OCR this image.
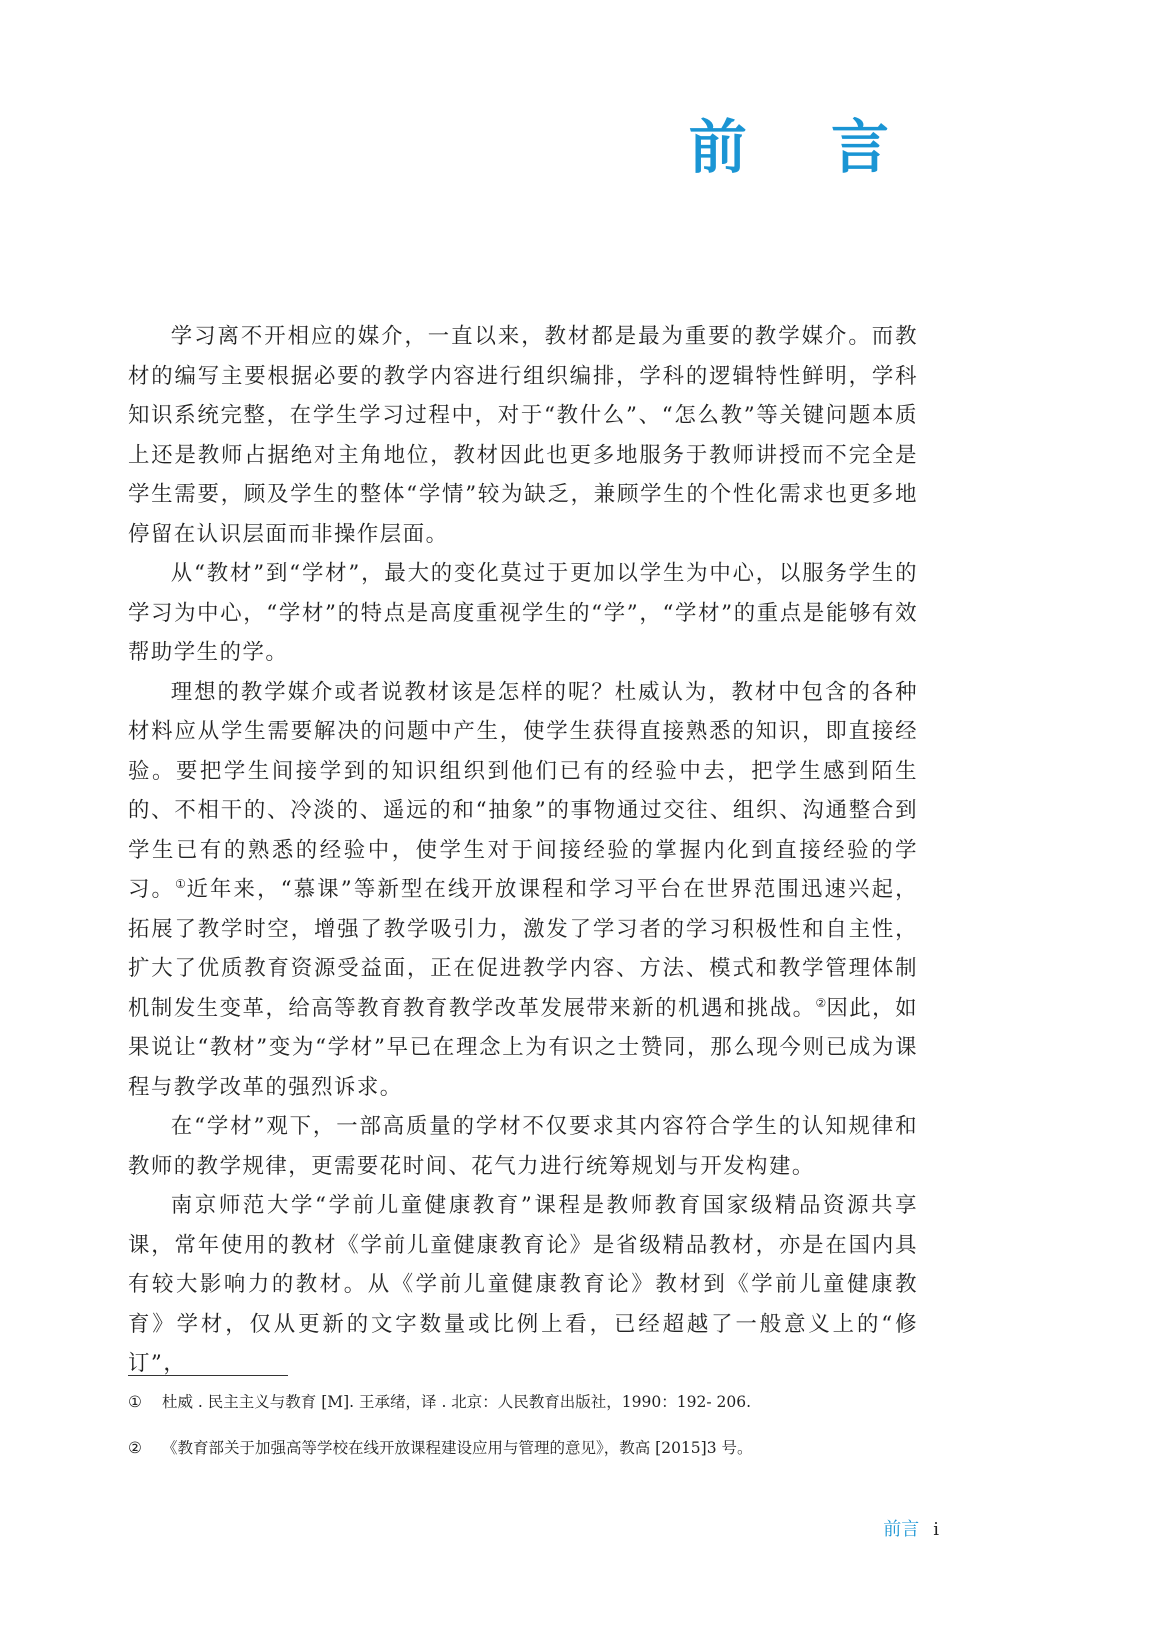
前 言

学习离不开相应的媒介，一直以来，教材都是最为重要的教学媒介。而教材的编写主要根据必要的教学内容进行组织编排，学科的逻辑特性鲜明，学科知识系统完整，在学生学习过程中，对于“教什么”、“怎么教”等关键问题本质上还是教师占据绝对主角地位，教材因此也更多地服务于教师讲授而不完全是学生需要，顾及学生的整体“学情”较为缺乏，兼顾学生的个性化需求也更多地停留在认识层面而非操作层面。

从“教材”到“学材”，最大的变化莫过于更加以学生为中心，以服务学生的学习为中心，“学材”的特点是高度重视学生的“学”，“学材”的重点是能够有效帮助学生的学。

理想的教学媒介或者说教材该是怎样的呢？杜威认为，教材中包含的各种材料应从学生需要解决的问题中产生，使学生获得直接熟悉的知识，即直接经验。要把学生间接学到的知识组织到他们已有的经验中去，把学生感到陌生的、不相干的、冷淡的、遥远的和“抽象”的事物通过交往、组织、沟通整合到学生已有的熟悉的经验中，使学生对于间接经验的掌握内化到直接经验的学习。①近年来，“慕课”等新型在线开放课程和学习平台在世界范围迅速兴起，拓展了教学时空，增强了教学吸引力，激发了学习者的学习积极性和自主性，扩大了优质教育资源受益面，正在促进教学内容、方法、模式和教学管理体制机制发生变革，给高等教育教育教学改革发展带来新的机遇和挑战。②因此，如果说让“教材”变为“学材”早已在理念上为有识之士赞同，那么现今则已成为课程与教学改革的强烈诉求。

在“学材”观下，一部高质量的学材不仅要求其内容符合学生的认知规律和教师的教学规律，更需要花时间、花气力进行统筹规划与开发构建。

南京师范大学“学前儿童健康教育”课程是教师教育国家级精品资源共享课，常年使用的教材《学前儿童健康教育论》是省级精品教材，亦是在国内具有较大影响力的教材。从《学前儿童健康教育论》教材到《学前儿童健康教育》学材，仅从更新的文字数量或比例上看，已经超越了一般意义上的“修订”，

① 杜威 . 民主主义与教育 [M]. 王承绪，译 . 北京：人民教育出版社，1990：192- 206.

② 《教育部关于加强高等学校在线开放课程建设应用与管理的意见》，教高 [2015]3 号。

前言 i
